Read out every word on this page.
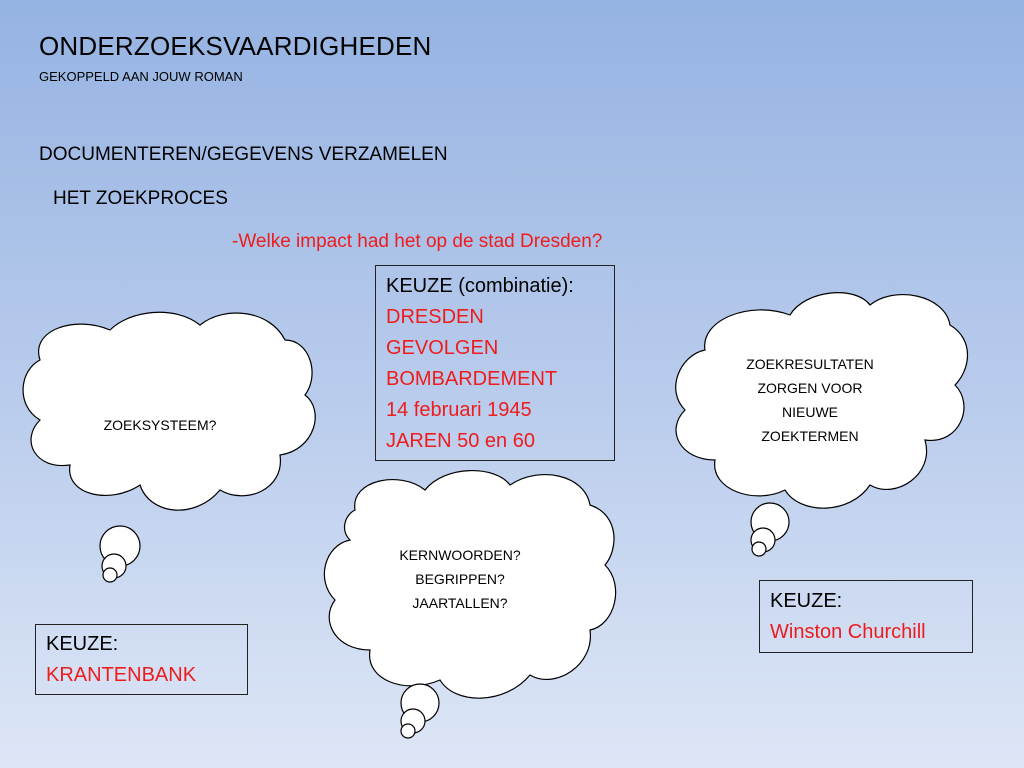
ONDERZOEKSVAARDIGHEDEN
GEKOPPELD AAN JOUW ROMAN
DOCUMENTEREN/GEGEVENS VERZAMELEN
HET ZOEKPROCES
-Welke impact had het op de stad Dresden?
ZOEKSYSTEEM?
KERNWOORDEN?
BEGRIPPEN?
JAARTALLEN?
ZOEKRESULTATEN
ZORGEN VOOR
NIEUWE
ZOEKTERMEN
KEUZE (combinatie):
DRESDEN
GEVOLGEN
BOMBARDEMENT
14 februari 1945
JAREN 50 en 60
KEUZE:
KRANTENBANK
KEUZE:
Winston Churchill
